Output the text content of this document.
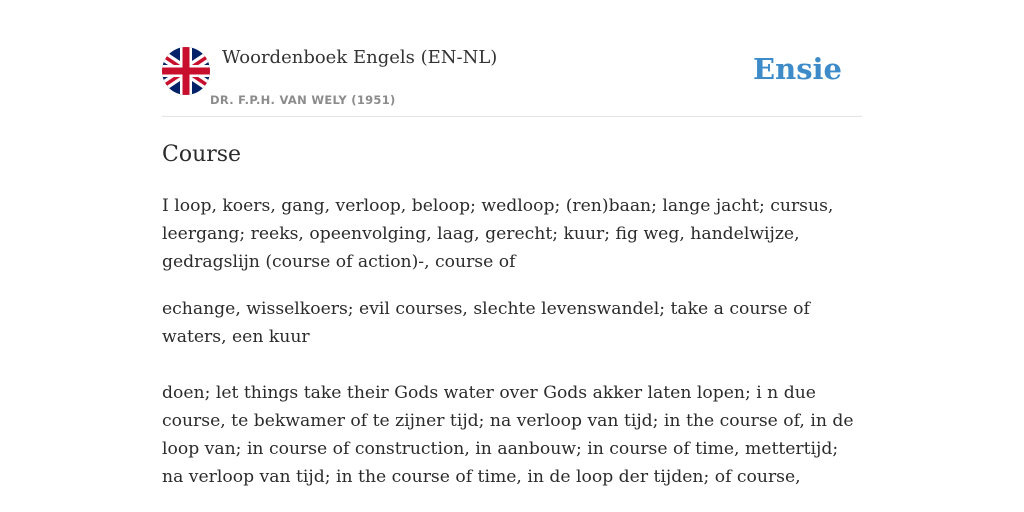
Woordenboek Engels (EN-NL)
DR. F.P.H. VAN WELY (1951)
Ensie
Course

I loop, koers, gang, verloop, beloop; wedloop; (ren)baan; lange jacht; cursus, leergang; reeks, opeenvolging, laag, gerecht; kuur; fig weg, handelwijze, gedragslijn (course of action)-, course of

echange, wisselkoers; evil courses, slechte levenswandel; take a course of waters, een kuur

doen; let things take their Gods water over Gods akker laten lopen; i n due course, te bekwamer of te zijner tijd; na verloop van tijd; in the course of, in de loop van; in course of construction, in aanbouw; in course of time, mettertijd; na verloop van tijd; in the course of time, in de loop der tijden; of course,
